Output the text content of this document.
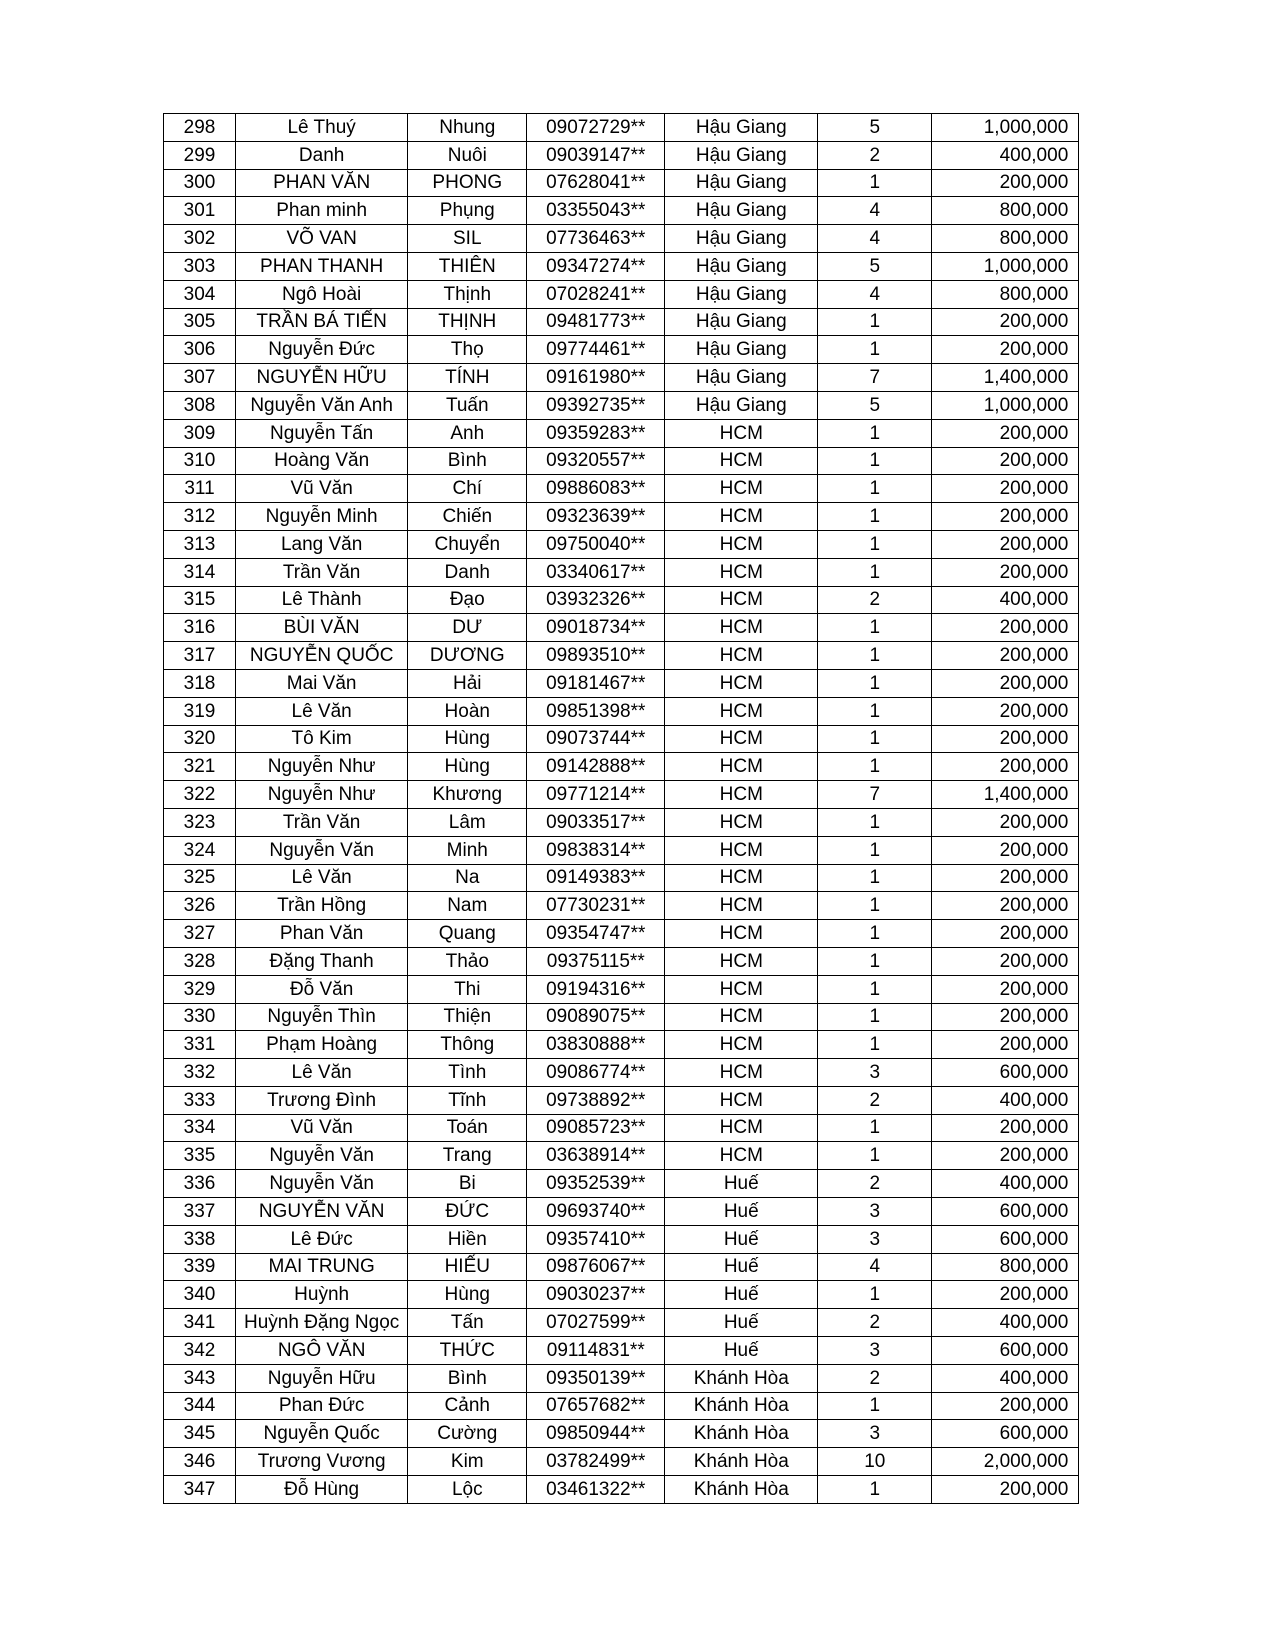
298	Lê Thuý	Nhung	09072729**	Hậu Giang	5	1,000,000
299	Danh	Nuôi	09039147**	Hậu Giang	2	400,000
300	PHAN VĂN	PHONG	07628041**	Hậu Giang	1	200,000
301	Phan minh	Phụng	03355043**	Hậu Giang	4	800,000
302	VÕ VAN	SIL	07736463**	Hậu Giang	4	800,000
303	PHAN THANH	THIÊN	09347274**	Hậu Giang	5	1,000,000
304	Ngô Hoài	Thịnh	07028241**	Hậu Giang	4	800,000
305	TRẦN BÁ TIẾN	THỊNH	09481773**	Hậu Giang	1	200,000
306	Nguyễn Đức	Thọ	09774461**	Hậu Giang	1	200,000
307	NGUYỄN HỮU	TÍNH	09161980**	Hậu Giang	7	1,400,000
308	Nguyễn Văn Anh	Tuấn	09392735**	Hậu Giang	5	1,000,000
309	Nguyễn Tấn	Anh	09359283**	HCM	1	200,000
310	Hoàng Văn	Bình	09320557**	HCM	1	200,000
311	Vũ Văn	Chí	09886083**	HCM	1	200,000
312	Nguyễn Minh	Chiến	09323639**	HCM	1	200,000
313	Lang Văn	Chuyển	09750040**	HCM	1	200,000
314	Trần Văn	Danh	03340617**	HCM	1	200,000
315	Lê Thành	Đạo	03932326**	HCM	2	400,000
316	BÙI VĂN	DƯ	09018734**	HCM	1	200,000
317	NGUYỄN QUỐC	DƯƠNG	09893510**	HCM	1	200,000
318	Mai Văn	Hải	09181467**	HCM	1	200,000
319	Lê Văn	Hoàn	09851398**	HCM	1	200,000
320	Tô Kim	Hùng	09073744**	HCM	1	200,000
321	Nguyễn Như	Hùng	09142888**	HCM	1	200,000
322	Nguyễn Như	Khương	09771214**	HCM	7	1,400,000
323	Trần Văn	Lâm	09033517**	HCM	1	200,000
324	Nguyễn Văn	Minh	09838314**	HCM	1	200,000
325	Lê Văn	Na	09149383**	HCM	1	200,000
326	Trần Hồng	Nam	07730231**	HCM	1	200,000
327	Phan Văn	Quang	09354747**	HCM	1	200,000
328	Đặng Thanh	Thảo	09375115**	HCM	1	200,000
329	Đỗ Văn	Thi	09194316**	HCM	1	200,000
330	Nguyễn Thìn	Thiện	09089075**	HCM	1	200,000
331	Phạm Hoàng	Thông	03830888**	HCM	1	200,000
332	Lê Văn	Tình	09086774**	HCM	3	600,000
333	Trương Đình	Tĩnh	09738892**	HCM	2	400,000
334	Vũ Văn	Toán	09085723**	HCM	1	200,000
335	Nguyễn Văn	Trang	03638914**	HCM	1	200,000
336	Nguyễn Văn	Bi	09352539**	Huế	2	400,000
337	NGUYỄN VĂN	ĐỨC	09693740**	Huế	3	600,000
338	Lê Đức	Hiền	09357410**	Huế	3	600,000
339	MAI TRUNG	HIẾU	09876067**	Huế	4	800,000
340	Huỳnh	Hùng	09030237**	Huế	1	200,000
341	Huỳnh Đặng Ngọc	Tấn	07027599**	Huế	2	400,000
342	NGÔ VĂN	THỨC	09114831**	Huế	3	600,000
343	Nguyễn Hữu	Bình	09350139**	Khánh Hòa	2	400,000
344	Phan Đức	Cảnh	07657682**	Khánh Hòa	1	200,000
345	Nguyễn Quốc	Cường	09850944**	Khánh Hòa	3	600,000
346	Trương Vương	Kim	03782499**	Khánh Hòa	10	2,000,000
347	Đỗ Hùng	Lộc	03461322**	Khánh Hòa	1	200,000
